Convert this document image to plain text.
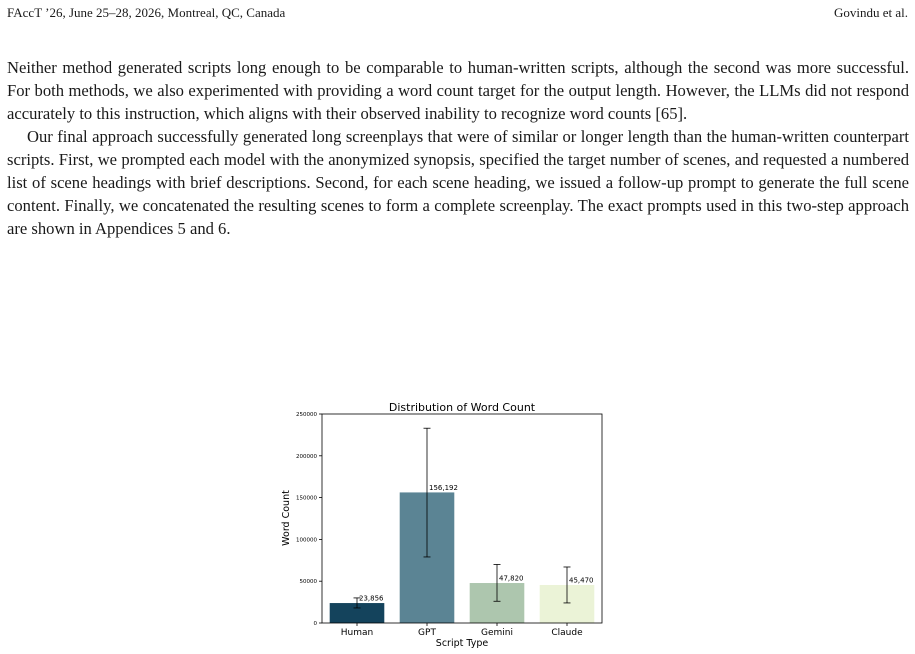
FAccT ’26, June 25–28, 2026, Montreal, QC, Canada	Govindu et al.

Neither method generated scripts long enough to be comparable to human-written scripts, although the second was more successful. For both methods, we also experimented with providing a word count target for the output length. However, the LLMs did not respond accurately to this instruction, which aligns with their observed inability to recognize word counts [65].

Our final approach successfully generated long screenplays that were of similar or longer length than the human-written counterpart scripts. First, we prompted each model with the anonymized synopsis, specified the target number of scenes, and requested a numbered list of scene headings with brief descriptions. Second, for each scene heading, we issued a follow-up prompt to generate the full scene content. Finally, we concatenated the resulting scenes to form a complete screenplay. The exact prompts used in this two-step approach are shown in Appendices 5 and 6.

Distribution of Word Count
Word Count
Script Type
0
50000
100000
150000
200000
250000
23,856
Human
156,192
GPT
47,820
Gemini
45,470
Claude
